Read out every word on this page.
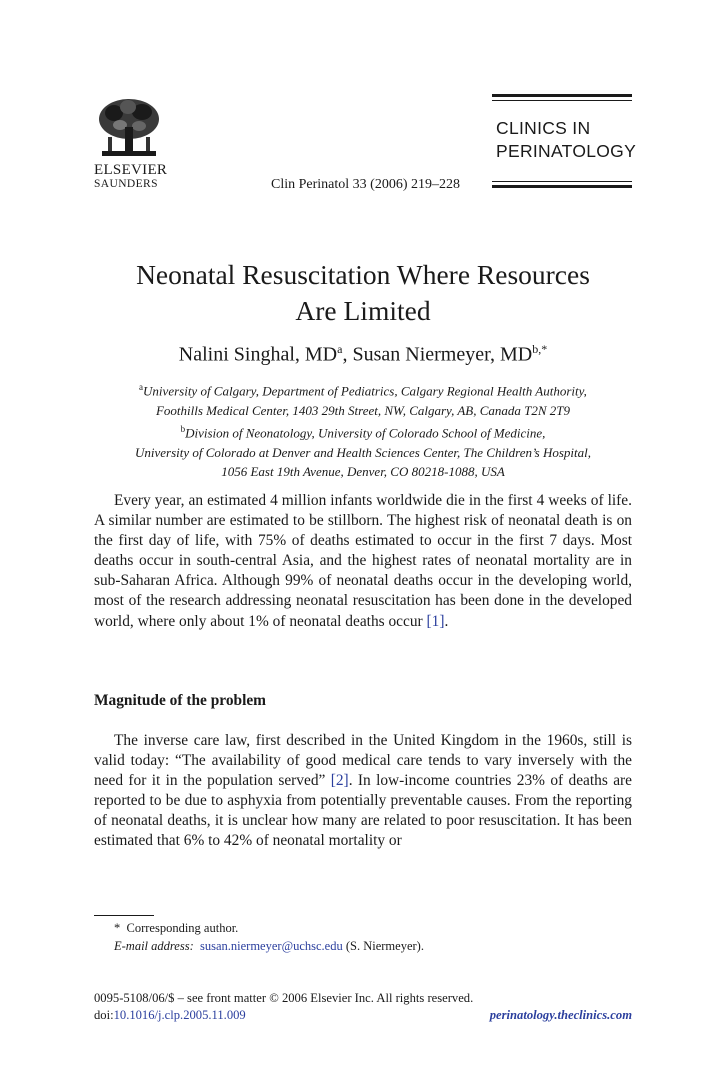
ELSEVIER
SAUNDERS
CLINICS IN
PERINATOLOGY
Clin Perinatol 33 (2006) 219–228
Neonatal Resuscitation Where Resources
Are Limited
Nalini Singhal, $MD^a$, Susan Niermeyer, $MD^{b,*}$
$^a$University of Calgary, Department of Pediatrics, Calgary Regional Health Authority,
Foothills Medical Center, 1403 29th Street, NW, Calgary, AB, Canada T2N 2T9
$^b$Division of Neonatology, University of Colorado School of Medicine,
University of Colorado at Denver and Health Sciences Center, The Children’s Hospital,
1056 East 19th Avenue, Denver, CO 80218-1088, USA
Every year, an estimated 4 million infants worldwide die in the first 4 weeks of life. A similar number are estimated to be stillborn. The highest risk of neonatal death is on the first day of life, with 75% of deaths estimated to occur in the first 7 days. Most deaths occur in south-central Asia, and the highest rates of neonatal mortality are in sub-Saharan Africa. Although 99% of neonatal deaths occur in the developing world, most of the research addressing neonatal resuscitation has been done in the developed world, where only about 1% of neonatal deaths occur [1].
Magnitude of the problem
The inverse care law, first described in the United Kingdom in the 1960s, still is valid today: “The availability of good medical care tends to vary inversely with the need for it in the population served” [2]. In low-income countries 23% of deaths are reported to be due to asphyxia from potentially preventable causes. From the reporting of neonatal deaths, it is unclear how many are related to poor resuscitation. It has been estimated that 6% to 42% of neonatal mortality or
* Corresponding author.
E-mail address: susan.niermeyer@uchsc.edu (S. Niermeyer).
0095-5108/06/$ – see front matter © 2006 Elsevier Inc. All rights reserved.
doi:10.1016/j.clp.2005.11.009	perinatology.theclinics.com
